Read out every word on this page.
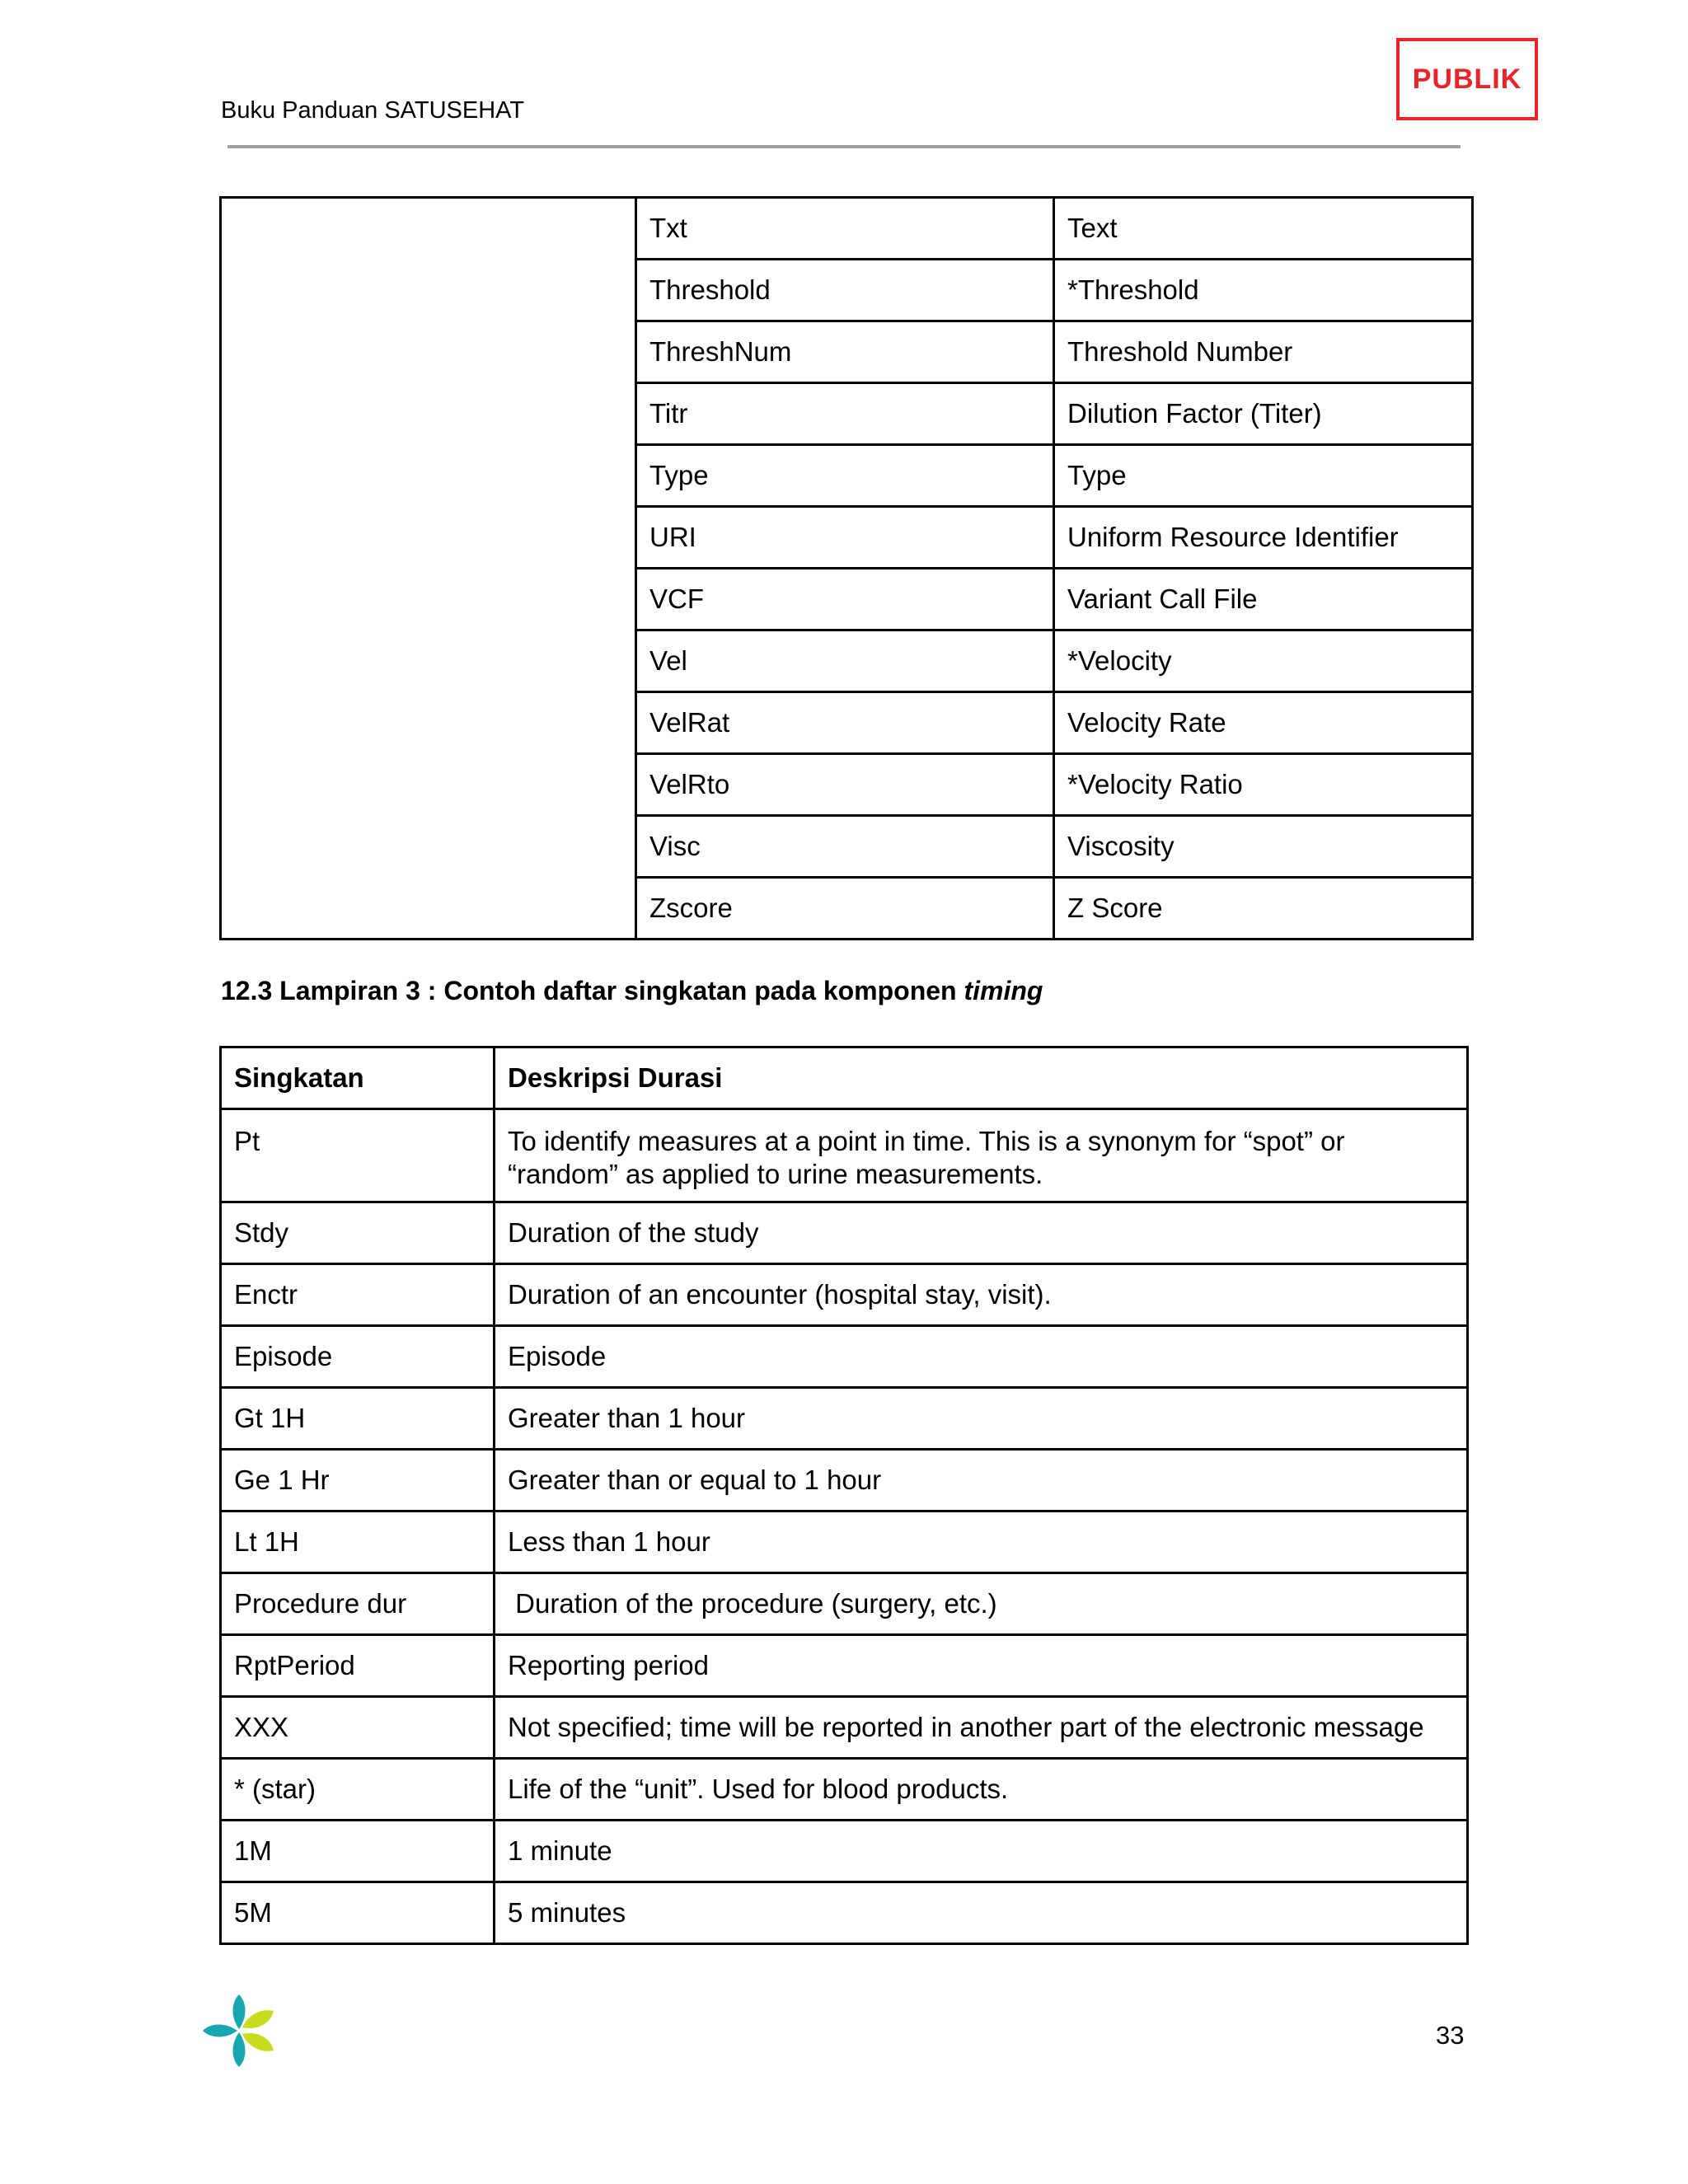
Buku Panduan SATUSEHAT
PUBLIK
	Txt	Text
	Threshold	*Threshold
	ThreshNum	Threshold Number
	Titr	Dilution Factor (Titer)
	Type	Type
	URI	Uniform Resource Identifier
	VCF	Variant Call File
	Vel	*Velocity
	VelRat	Velocity Rate
	VelRto	*Velocity Ratio
	Visc	Viscosity
	Zscore	Z Score
12.3 Lampiran 3 : Contoh daftar singkatan pada komponen timing
Singkatan	Deskripsi Durasi
Pt	To identify measures at a point in time. This is a synonym for “spot” or “random” as applied to urine measurements.
Stdy	Duration of the study
Enctr	Duration of an encounter (hospital stay, visit).
Episode	Episode
Gt 1H	Greater than 1 hour
Ge 1 Hr	Greater than or equal to 1 hour
Lt 1H	Less than 1 hour
Procedure dur	Duration of the procedure (surgery, etc.)
RptPeriod	Reporting period
XXX	Not specified; time will be reported in another part of the electronic message
* (star)	Life of the “unit”. Used for blood products.
1M	1 minute
5M	5 minutes
33
